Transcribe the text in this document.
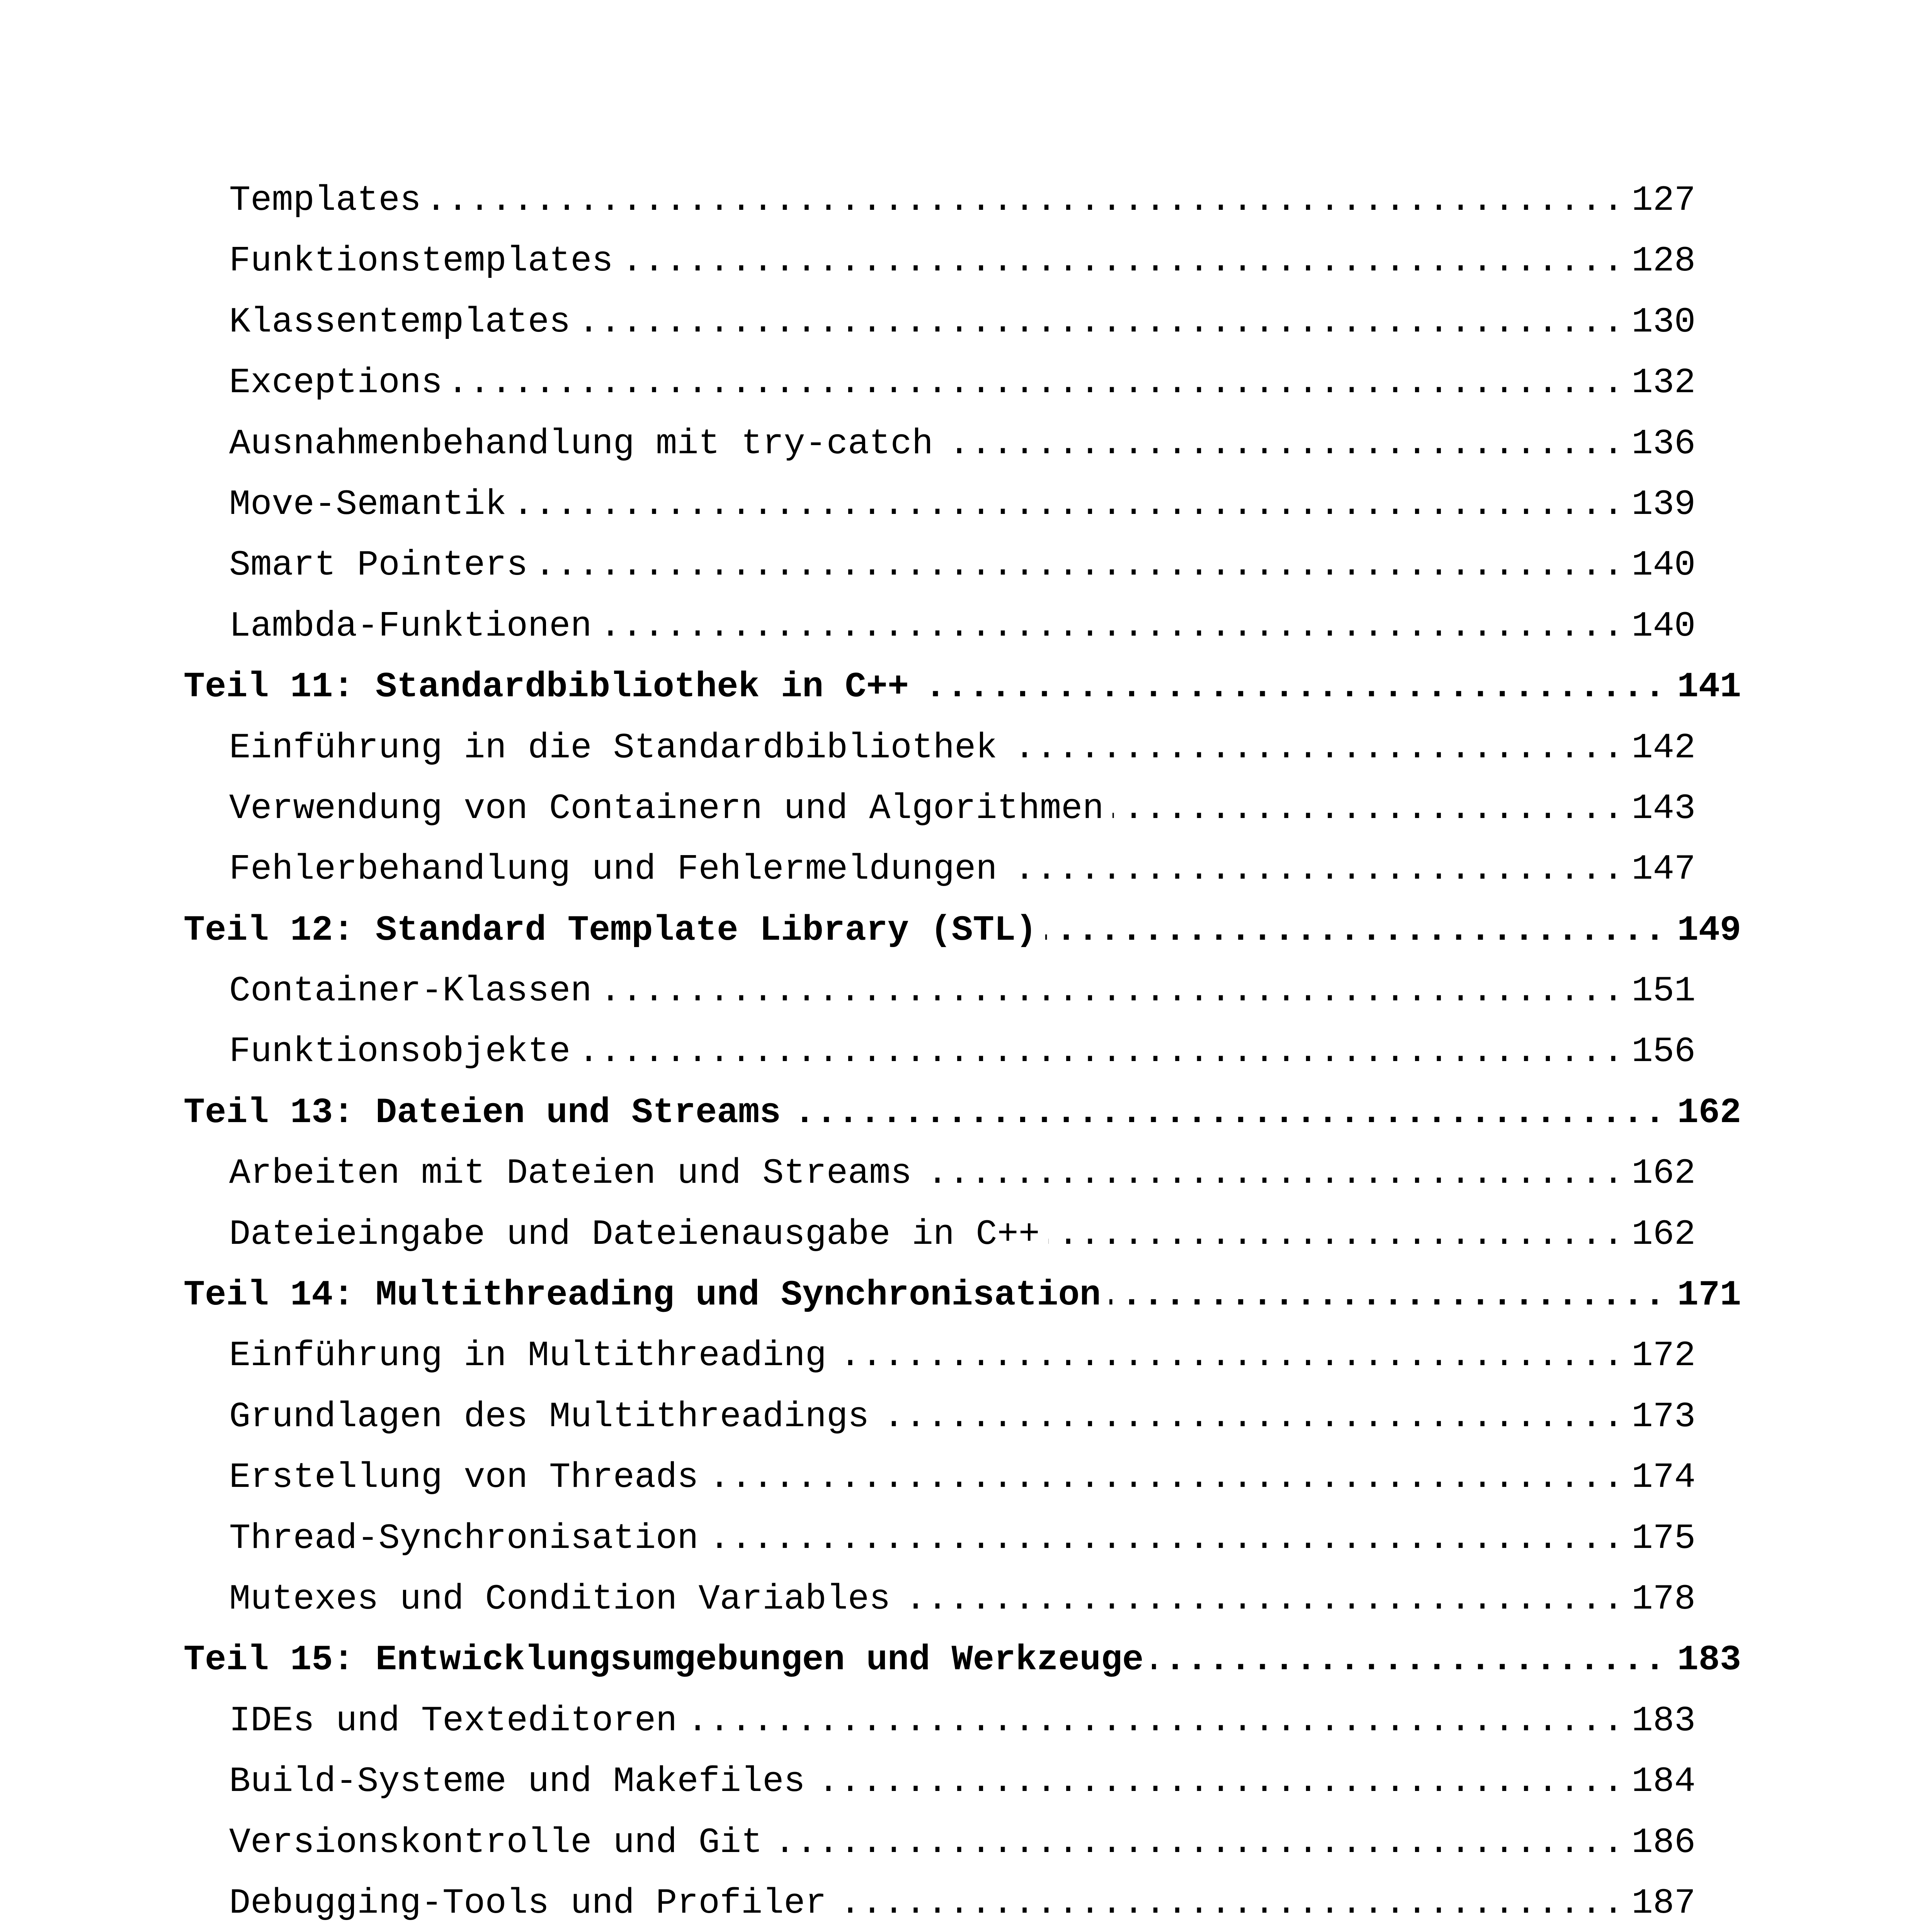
. . .
Templates	127
. . .
Funktionstemplates	128
. . .
Klassentemplates	130
. . .
Exceptions	132
. . .
Ausnahmenbehandlung mit try-catch	136
. . .
Move-Semantik	139
. . .
Smart Pointers	140
. . .
Lambda-Funktionen	140
. . .
Teil 11: Standardbibliothek in C++	141
. . .
Einführung in die Standardbibliothek	142
. . .
Verwendung von Containern und Algorithmen	143
. . .
Fehlerbehandlung und Fehlermeldungen	147
. . .
Teil 12: Standard Template Library (STL)	149
. . .
Container-Klassen	151
. . .
Funktionsobjekte	156
. . .
Teil 13: Dateien und Streams	162
. . .
Arbeiten mit Dateien und Streams	162
. . .
Dateieingabe und Dateienausgabe in C++	162
. . .
Teil 14: Multithreading und Synchronisation	171
. . .
Einführung in Multithreading	172
. . .
Grundlagen des Multithreadings	173
. . .
Erstellung von Threads	174
. . .
Thread-Synchronisation	175
. . .
Mutexes und Condition Variables	178
. . .
Teil 15: Entwicklungsumgebungen und Werkzeuge	183
. . .
IDEs und Texteditoren	183
. . .
Build-Systeme und Makefiles	184
. . .
Versionskontrolle und Git	186
. . .
Debugging-Tools und Profiler	187
